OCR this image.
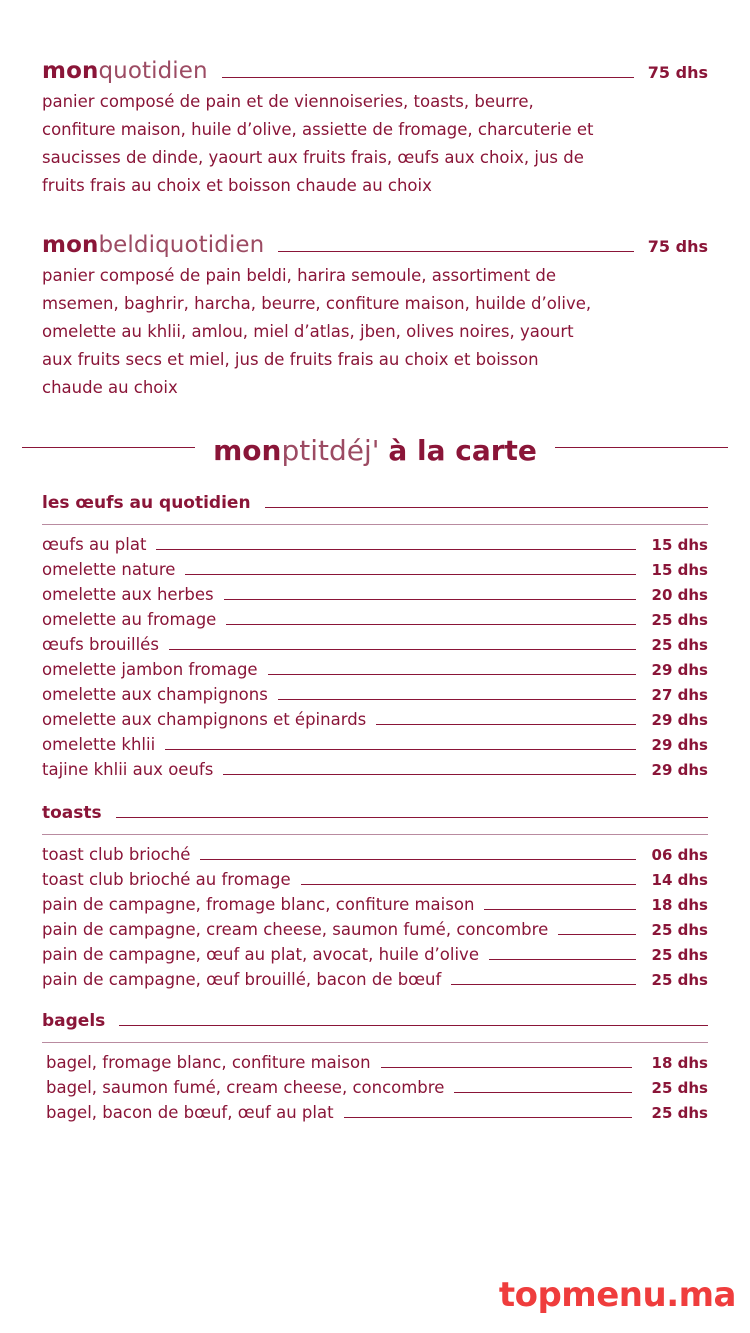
monquotidien	75 dhs
panier composé de pain et de viennoiseries, toasts, beurre, confiture maison, huile d’olive, assiette de fromage, charcuterie et saucisses de dinde, yaourt aux fruits frais, œufs aux choix, jus de fruits frais au choix et boisson chaude au choix
monbeldiquotidien	75 dhs
panier composé de pain beldi, harira semoule, assortiment de msemen, baghrir, harcha, beurre, confiture maison, huilde d’olive, omelette au khlii, amlou, miel d’atlas, jben, olives noires, yaourt aux fruits secs et miel, jus de fruits frais au choix et boisson chaude au choix
monptitdéj' à la carte
les œufs au quotidien
œufs au plat	15 dhs
omelette nature	15 dhs
omelette aux herbes	20 dhs
omelette au fromage	25 dhs
œufs brouillés	25 dhs
omelette jambon fromage	29 dhs
omelette aux champignons	27 dhs
omelette aux champignons et épinards	29 dhs
omelette khlii	29 dhs
tajine khlii aux oeufs	29 dhs
toasts
toast club brioché	06 dhs
toast club brioché au fromage	14 dhs
pain de campagne, fromage blanc, confiture maison	18 dhs
pain de campagne, cream cheese, saumon fumé, concombre	25 dhs
pain de campagne, œuf au plat, avocat, huile d’olive	25 dhs
pain de campagne, œuf brouillé, bacon de bœuf	25 dhs
bagels
bagel, fromage blanc, confiture maison	18 dhs
bagel, saumon fumé, cream cheese, concombre	25 dhs
bagel, bacon de bœuf, œuf au plat	25 dhs
topmenu.ma
